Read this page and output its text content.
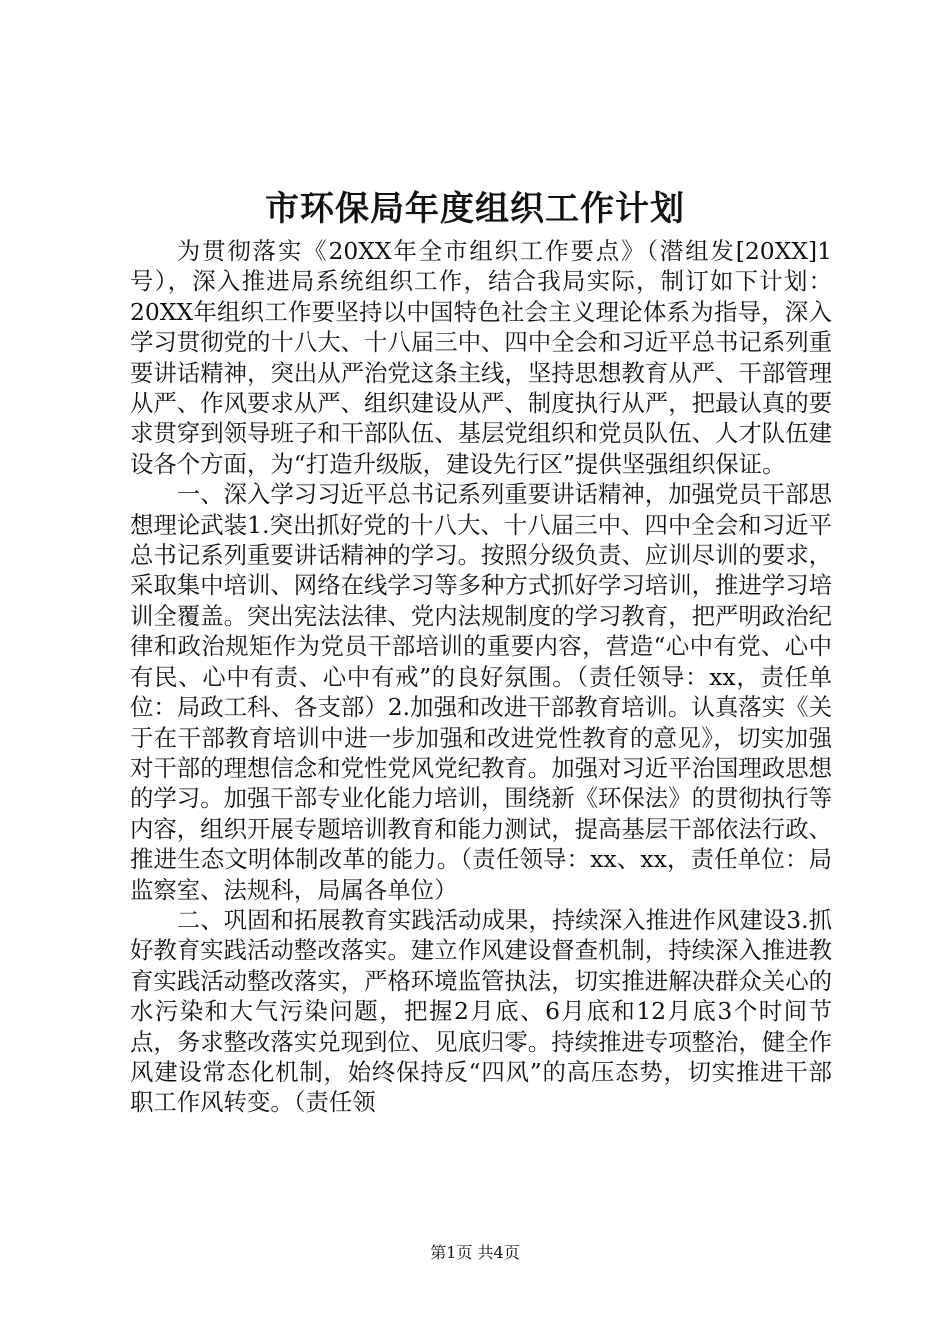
市环保局年度组织工作计划

为贯彻落实《20XX年全市组织工作要点》（潜组发[20XX]1号），深入推进局系统组织工作，结合我局实际，制订如下计划：20XX年组织工作要坚持以中国特色社会主义理论体系为指导，深入学习贯彻党的十八大、十八届三中、四中全会和习近平总书记系列重要讲话精神，突出从严治党这条主线，坚持思想教育从严、干部管理从严、作风要求从严、组织建设从严、制度执行从严，把最认真的要求贯穿到领导班子和干部队伍、基层党组织和党员队伍、人才队伍建设各个方面，为“打造升级版，建设先行区”提供坚强组织保证。

一、深入学习习近平总书记系列重要讲话精神，加强党员干部思想理论武装1.突出抓好党的十八大、十八届三中、四中全会和习近平总书记系列重要讲话精神的学习。按照分级负责、应训尽训的要求，采取集中培训、网络在线学习等多种方式抓好学习培训，推进学习培训全覆盖。突出宪法法律、党内法规制度的学习教育，把严明政治纪律和政治规矩作为党员干部培训的重要内容，营造“心中有党、心中有民、心中有责、心中有戒”的良好氛围。（责任领导：xx，责任单位：局政工科、各支部）2.加强和改进干部教育培训。认真落实《关于在干部教育培训中进一步加强和改进党性教育的意见》，切实加强对干部的理想信念和党性党风党纪教育。加强对习近平治国理政思想的学习。加强干部专业化能力培训，围绕新《环保法》的贯彻执行等内容，组织开展专题培训教育和能力测试，提高基层干部依法行政、推进生态文明体制改革的能力。（责任领导：xx、xx，责任单位：局监察室、法规科，局属各单位）

二、巩固和拓展教育实践活动成果，持续深入推进作风建设3.抓好教育实践活动整改落实。建立作风建设督查机制，持续深入推进教育实践活动整改落实，严格环境监管执法，切实推进解决群众关心的水污染和大气污染问题，把握2月底、6月底和12月底3个时间节点，务求整改落实兑现到位、见底归零。持续推进专项整治，健全作风建设常态化机制，始终保持反“四风”的高压态势，切实推进干部职工作风转变。（责任领

第1页 共4页
